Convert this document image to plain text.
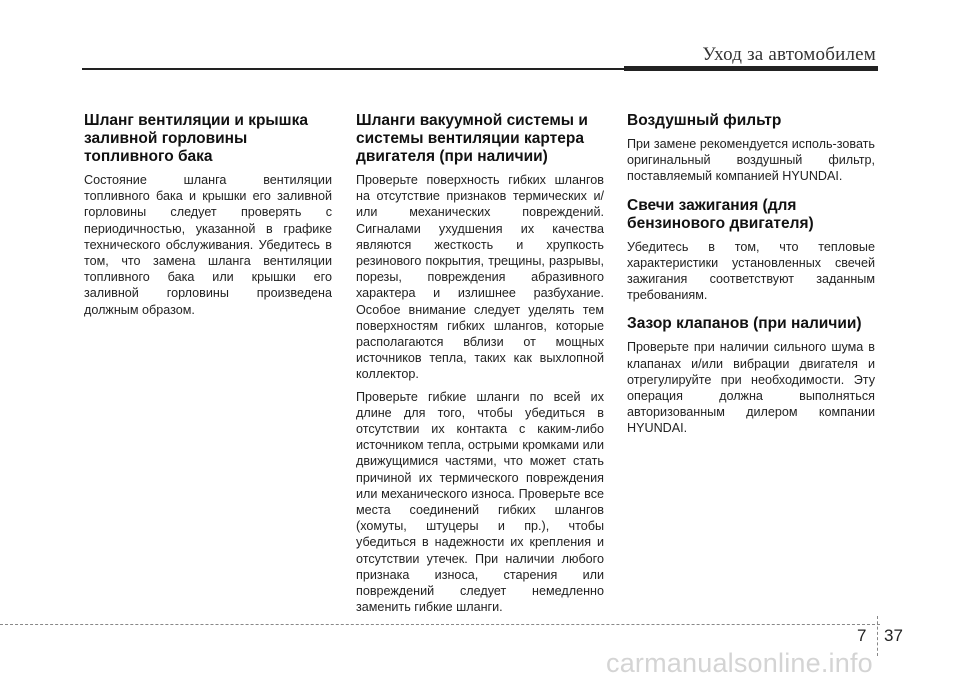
Уход за автомобилем
Шланг вентиляции и крышка заливной горловины топливного бака

Состояние шланга вентиляции топливного бака и крышки его заливной горловины следует проверять с периодичностью, указанной в графике технического обслуживания. Убедитесь в том, что замена шланга вентиляции топливного бака или крышки его заливной горловины произведена должным образом.

Шланги вакуумной системы и системы вентиляции картера двигателя (при наличии)

Проверьте поверхность гибких шлангов на отсутствие признаков термических и/или механических повреждений. Сигналами ухудшения их качества являются жесткость и хрупкость резинового покрытия, трещины, разрывы, порезы, повреждения абразивного характера и излишнее разбухание. Особое внимание следует уделять тем поверхностям гибких шлангов, которые располагаются вблизи от мощных источников тепла, таких как выхлопной коллектор.

Проверьте гибкие шланги по всей их длине для того, чтобы убедиться в отсутствии их контакта с каким-либо источником тепла, острыми кромками или движущимися частями, что может стать причиной их термического повреждения или механического износа. Проверьте все места соединений гибких шлангов (хомуты, штуцеры и пр.), чтобы убедиться в надежности их крепления и отсутствии утечек. При наличии любого признака износа, старения или повреждений следует немедленно заменить гибкие шланги.

Воздушный фильтр

При замене рекомендуется исполь-зовать оригинальный воздушный фильтр, поставляемый компанией HYUNDAI.

Свечи зажигания (для бензинового двигателя)

Убедитесь в том, что тепловые характеристики установленных свечей зажигания соответствуют заданным требованиям.

Зазор клапанов (при наличии)

Проверьте при наличии сильного шума в клапанах и/или вибрации двигателя и отрегулируйте при необходимости. Эту операция должна выполняться авторизованным дилером компании HYUNDAI.

7 37
carmanualsonline.info
